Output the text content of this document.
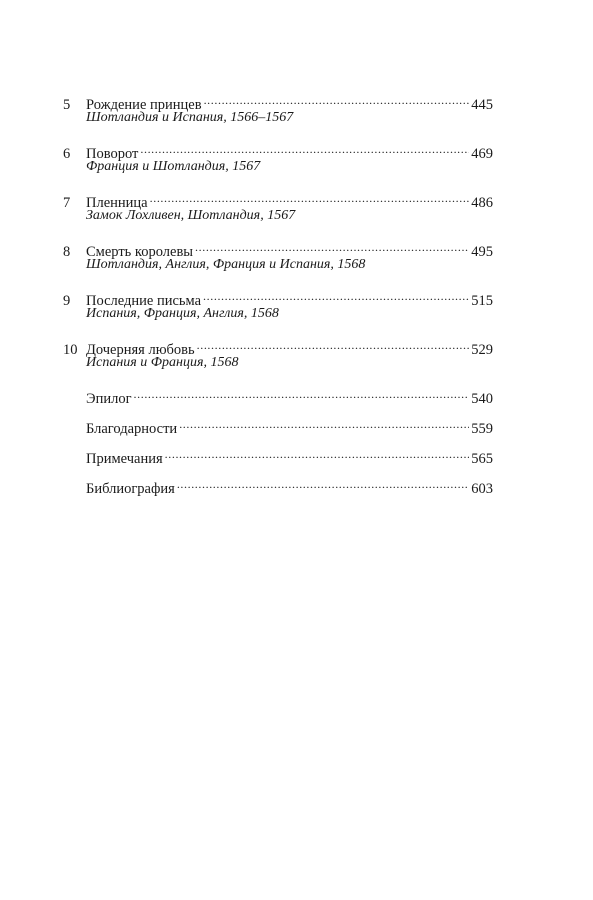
5	Рождение принцев .....	445
Шотландия и Испания, 1566–1567
6	Поворот .....	469
Франция и Шотландия, 1567
7	Пленница .....	486
Замок Лохливен, Шотландия, 1567
8	Смерть королевы .....	495
Шотландия, Англия, Франция и Испания, 1568
9	Последние письма .....	515
Испания, Франция, Англия, 1568
10 Дочерняя любовь .....	529
Испания и Франция, 1568
Эпилог .....	540
Благодарности .....	559
Примечания .....	565
Библиография .....	603
